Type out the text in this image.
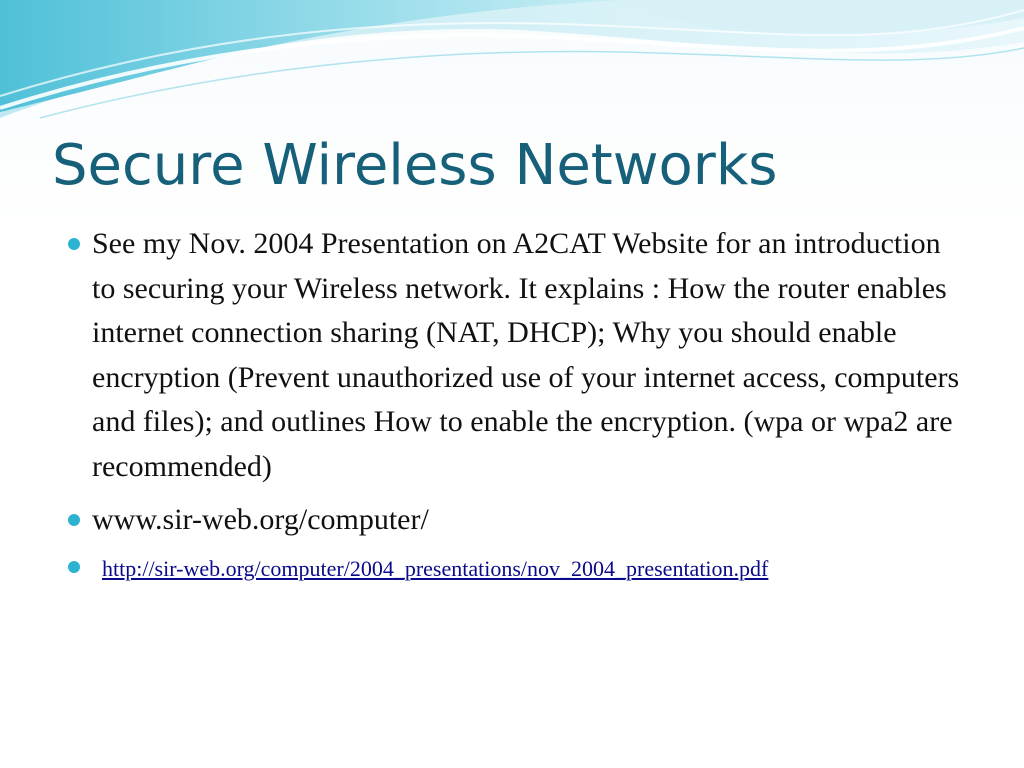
Secure Wireless Networks
See my Nov. 2004 Presentation on A2CAT Website for an introduction to securing your Wireless network. It explains : How the router enables internet connection sharing (NAT, DHCP); Why you should enable encryption (Prevent unauthorized use of your internet access, computers and files); and outlines How to enable the encryption. (wpa or wpa2 are recommended)
www.sir-web.org/computer/
http://sir-web.org/computer/2004_presentations/nov_2004_presentation.pdf
